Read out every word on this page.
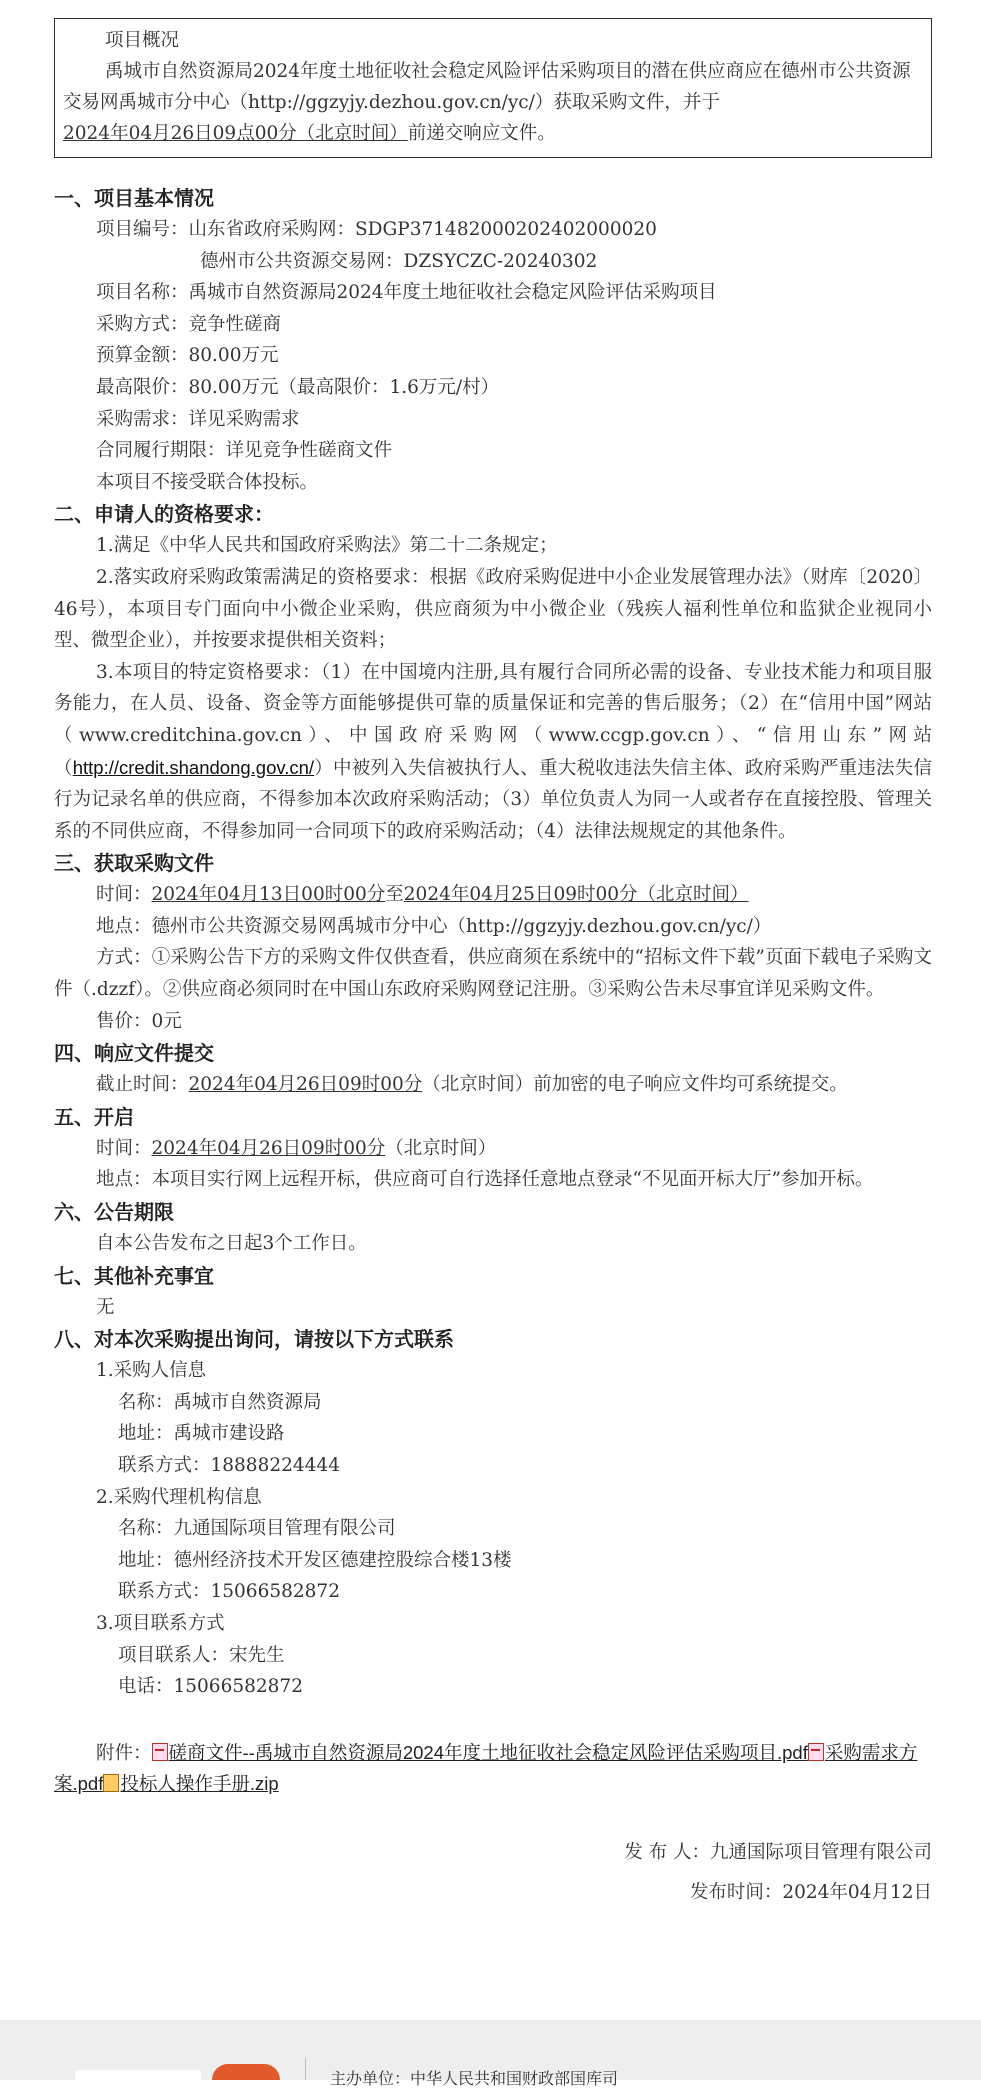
项目概况

禹城市自然资源局2024年度土地征收社会稳定风险评估采购项目的潜在供应商应在德州市公共资源交易网禹城市分中心（http://ggzyjy.dezhou.gov.cn/yc/）获取采购文件，并于
2024年04月26日09点00分（北京时间）前递交响应文件。

一、项目基本情况
项目编号：山东省政府采购网：SDGP371482000202402000020
德州市公共资源交易网：DZSYCZC-20240302
项目名称：禹城市自然资源局2024年度土地征收社会稳定风险评估采购项目
采购方式：竞争性磋商
预算金额：80.00万元
最高限价：80.00万元（最高限价：1.6万元/村）
采购需求：详见采购需求
合同履行期限：详见竞争性磋商文件
本项目不接受联合体投标。
二、申请人的资格要求：
1.满足《中华人民共和国政府采购法》第二十二条规定；
2.落实政府采购政策需满足的资格要求：根据《政府采购促进中小企业发展管理办法》（财库〔2020〕46号），本项目专门面向中小微企业采购，供应商须为中小微企业（残疾人福利性单位和监狱企业视同小型、微型企业），并按要求提供相关资料；
3.本项目的特定资格要求：（1）在中国境内注册,具有履行合同所必需的设备、专业技术能力和项目服务能力，在人员、设备、资金等方面能够提供可靠的质量保证和完善的售后服务；（2）在“信用中国”网站（www.creditchina.gov.cn）、中国政府采购网（www.ccgp.gov.cn）、“信用山东”网站（http://credit.shandong.gov.cn/）中被列入失信被执行人、重大税收违法失信主体、政府采购严重违法失信行为记录名单的供应商，不得参加本次政府采购活动；（3）单位负责人为同一人或者存在直接控股、管理关系的不同供应商，不得参加同一合同项下的政府采购活动；（4）法律法规规定的其他条件。
三、获取采购文件
时间：2024年04月13日00时00分至2024年04月25日09时00分（北京时间）
地点：德州市公共资源交易网禹城市分中心（http://ggzyjy.dezhou.gov.cn/yc/）
方式：①采购公告下方的采购文件仅供查看，供应商须在系统中的“招标文件下载”页面下载电子采购文件（.dzzf）。②供应商必须同时在中国山东政府采购网登记注册。③采购公告未尽事宜详见采购文件。
售价：0元
四、响应文件提交
截止时间：2024年04月26日09时00分（北京时间）前加密的电子响应文件均可系统提交。
五、开启
时间：2024年04月26日09时00分（北京时间）
地点：本项目实行网上远程开标，供应商可自行选择任意地点登录“不见面开标大厅”参加开标。
六、公告期限
自本公告发布之日起3个工作日。
七、其他补充事宜
无
八、对本次采购提出询问，请按以下方式联系
1.采购人信息
名称：禹城市自然资源局
地址：禹城市建设路
联系方式：18888224444
2.采购代理机构信息
名称：九通国际项目管理有限公司
地址：德州经济技术开发区德建控股综合楼13楼
联系方式：15066582872
3.项目联系方式
项目联系人：宋先生
电话：15066582872
附件： 磋商文件--禹城市自然资源局2024年度土地征收社会稳定风险评估采购项目.pdf 采购需求方案.pdf 投标人操作手册.zip
发 布 人：九通国际项目管理有限公司
发布时间：2024年04月12日
主办单位：中华人民共和国财政部国库司
